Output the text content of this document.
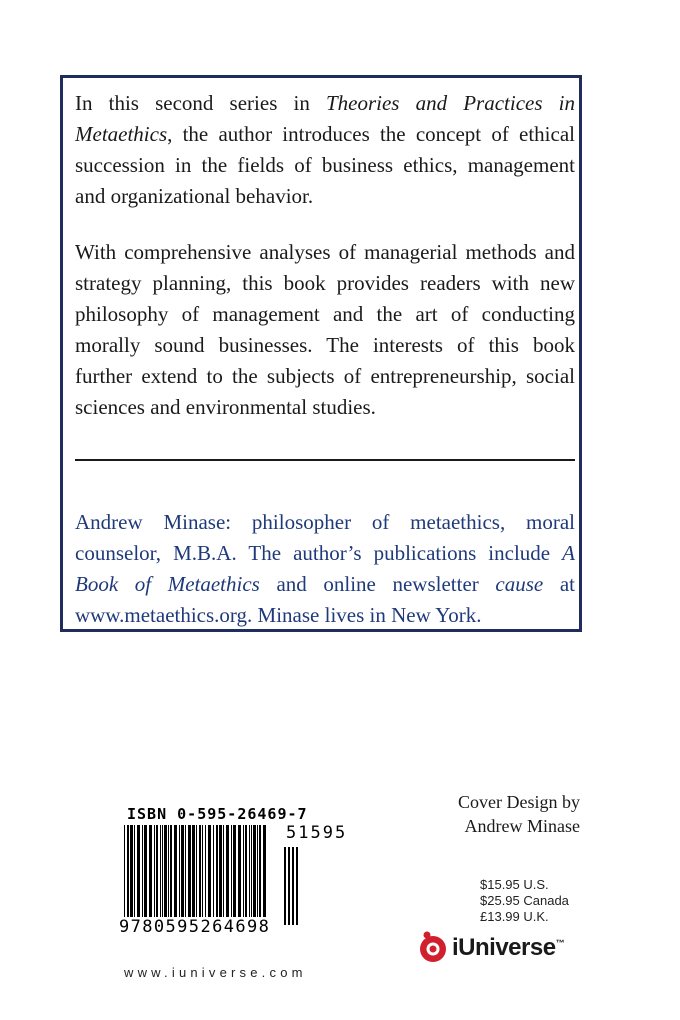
In this second series in Theories and Practices in Metaethics, the author introduces the concept of ethical succession in the fields of business ethics, management and organizational behavior.

With comprehensive analyses of managerial methods and strategy planning, this book provides readers with new philosophy of management and the art of conducting morally sound businesses. The interests of this book further extend to the subjects of entrepreneurship, social sciences and environmental studies.

Andrew Minase: philosopher of metaethics, moral counselor, M.B.A. The author’s publications include A Book of Metaethics and online newsletter cause at www.metaethics.org. Minase lives in New York.

ISBN 0-595-26469-7
51595
9780595264698
www.iuniverse.com
Cover Design by
Andrew Minase
$15.95 U.S.
$25.95 Canada
£13.99 U.K.
iUniverse™
